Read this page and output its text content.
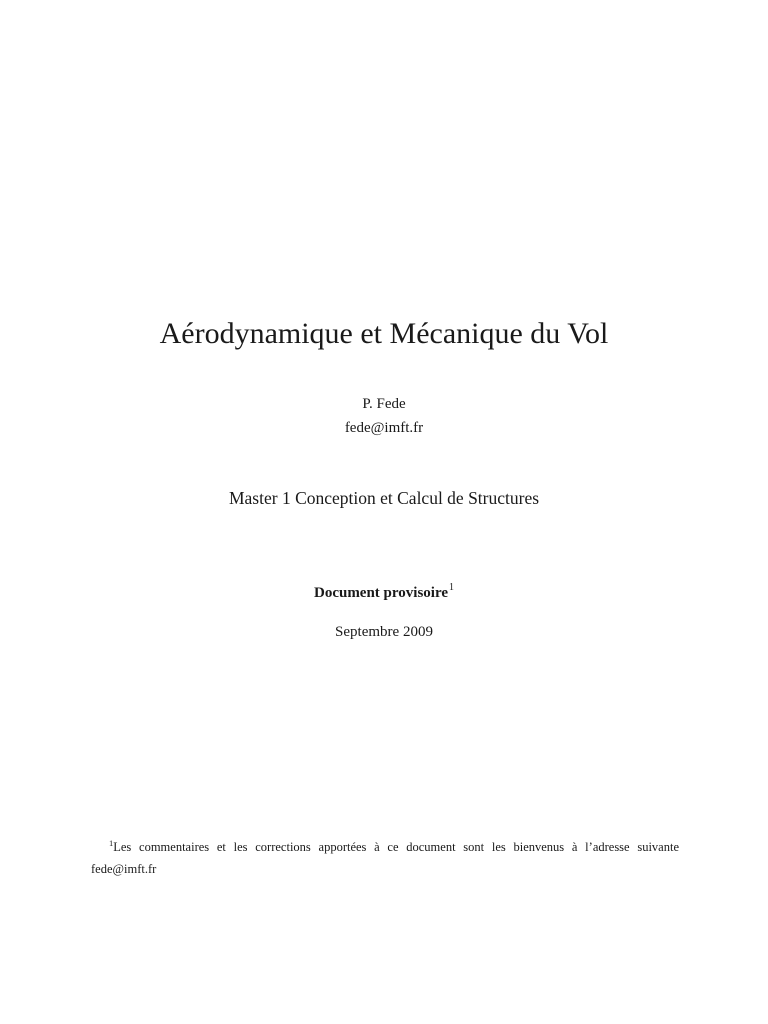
Aérodynamique et Mécanique du Vol
P. Fede
fede@imft.fr
Master 1 Conception et Calcul de Structures
Document provisoire$^1$
Septembre 2009
$^1$Les commentaires et les corrections apportées à ce document sont les bienvenus à l’adresse suivante fede@imft.fr
